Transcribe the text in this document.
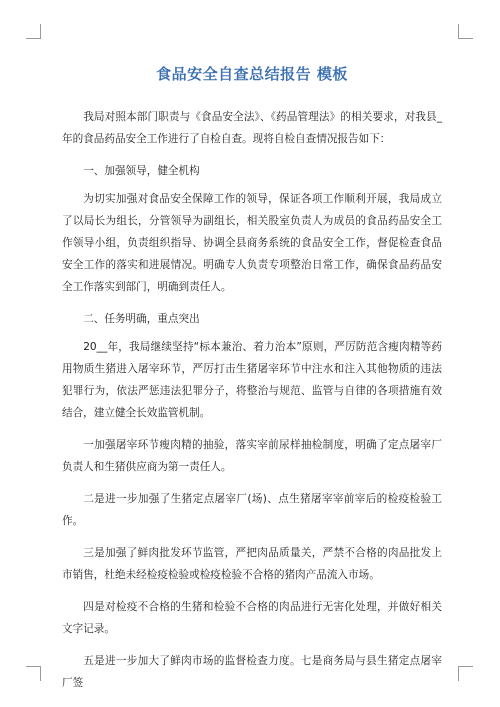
食品安全自查总结报告 模板

我局对照本部门职责与《食品安全法》、《药品管理法》的相关要求，对我县_年的食品药品安全工作进行了自检自查。现将自检自查情况报告如下：

一、加强领导，健全机构

为切实加强对食品安全保障工作的领导，保证各项工作顺利开展，我局成立了以局长为组长，分管领导为副组长，相关股室负责人为成员的食品药品安全工作领导小组，负责组织指导、协调全县商务系统的食品安全工作，督促检查食品安全工作的落实和进展情况。明确专人负责专项整治日常工作，确保食品药品安全工作落实到部门，明确到责任人。

二、任务明确，重点突出

20__年，我局继续坚持“标本兼治、着力治本”原则，严厉防范含瘦肉精等药用物质生猪进入屠宰环节，严厉打击生猪屠宰环节中注水和注入其他物质的违法犯罪行为，依法严惩违法犯罪分子，将整治与规范、监管与自律的各项措施有效结合，建立健全长效监管机制。

一加强屠宰环节瘦肉精的抽验，落实宰前尿样抽检制度，明确了定点屠宰厂负责人和生猪供应商为第一责任人。

二是进一步加强了生猪定点屠宰厂(场)、点生猪屠宰宰前宰后的检疫检验工作。

三是加强了鲜肉批发环节监管，严把肉品质量关，严禁不合格的肉品批发上市销售，杜绝未经检疫检验或检疫检验不合格的猪肉产品流入市场。

四是对检疫不合格的生猪和检验不合格的肉品进行无害化处理，并做好相关文字记录。

五是进一步加大了鲜肉市场的监督检查力度。七是商务局与县生猪定点屠宰厂签
